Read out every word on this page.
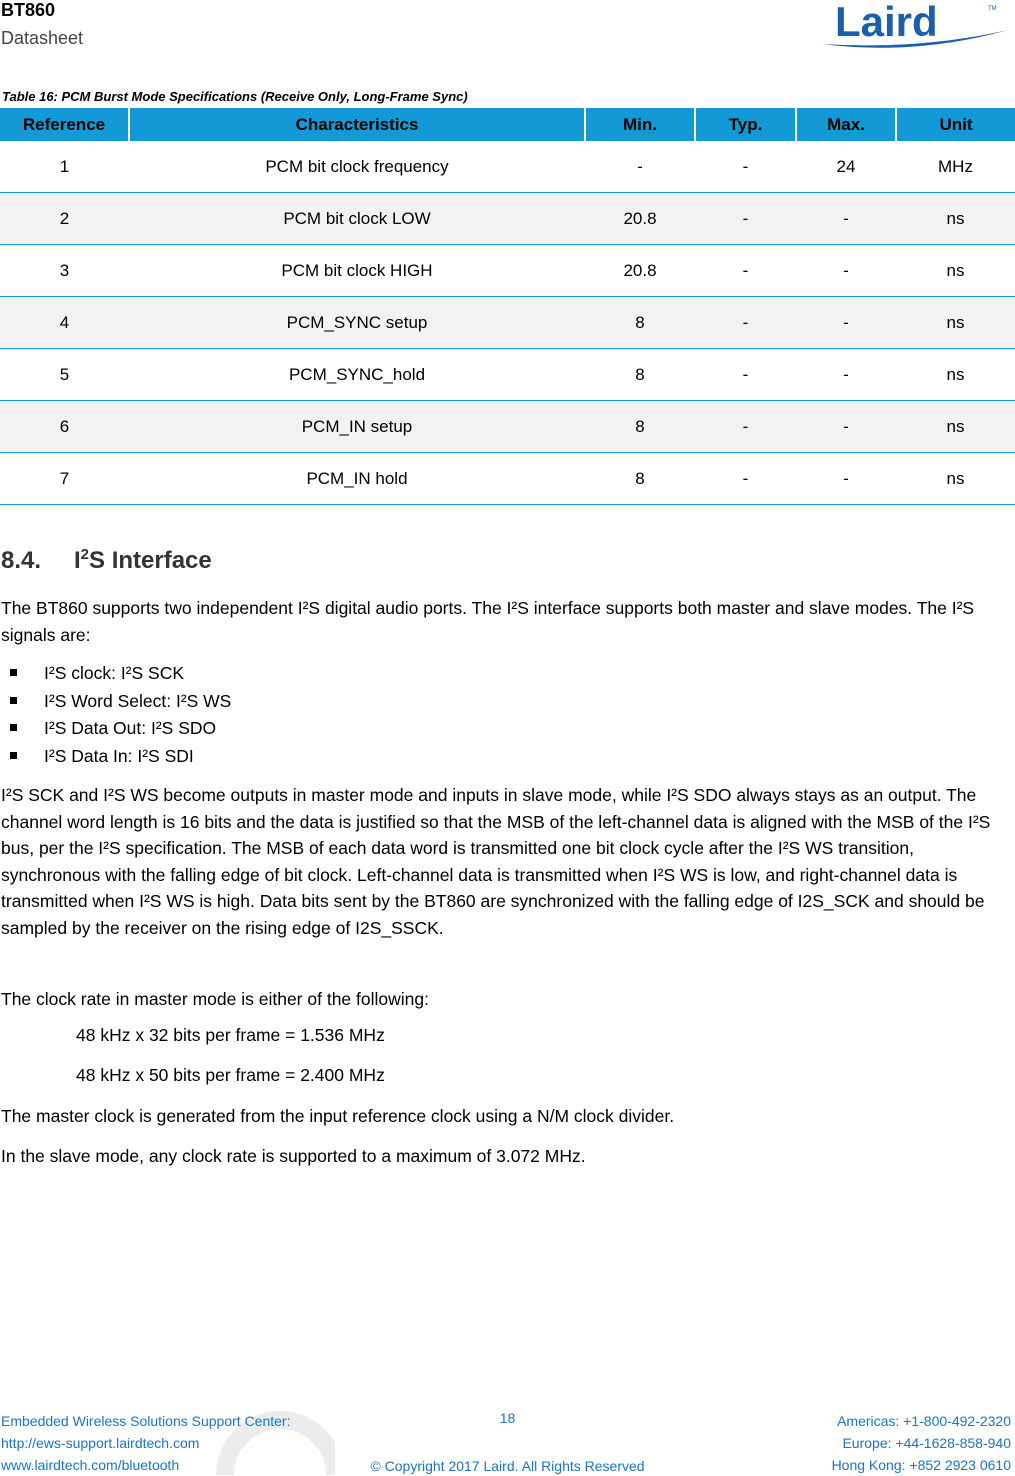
BT860
Datasheet	Laird	TM
Table 16: PCM Burst Mode Specifications (Receive Only, Long-Frame Sync)
Reference	Characteristics	Min.	Typ.	Max.	Unit
1	PCM bit clock frequency	-	-	24	MHz
2	PCM bit clock LOW	20.8	-	-	ns
3	PCM bit clock HIGH	20.8	-	-	ns
4	PCM_SYNC setup	8	-	-	ns
5	PCM_SYNC_hold	8	-	-	ns
6	PCM_IN setup	8	-	-	ns
7	PCM_IN hold	8	-	-	ns
8.4. $I^2S$ Interface
The BT860 supports two independent I²S digital audio ports. The I²S interface supports both master and slave modes. The I²S signals are:
I²S clock: I²S SCK
I²S Word Select: I²S WS
I²S Data Out: I²S SDO
I²S Data In: I²S SDI
I²S SCK and I²S WS become outputs in master mode and inputs in slave mode, while I²S SDO always stays as an output. The channel word length is 16 bits and the data is justified so that the MSB of the left-channel data is aligned with the MSB of the I²S bus, per the I²S specification. The MSB of each data word is transmitted one bit clock cycle after the I²S WS transition, synchronous with the falling edge of bit clock. Left-channel data is transmitted when I²S WS is low, and right-channel data is transmitted when I²S WS is high. Data bits sent by the BT860 are synchronized with the falling edge of I2S_SCK and should be sampled by the receiver on the rising edge of I2S_SSCK.
The clock rate in master mode is either of the following:
48 kHz x 32 bits per frame = 1.536 MHz
48 kHz x 50 bits per frame = 2.400 MHz
The master clock is generated from the input reference clock using a N/M clock divider.
In the slave mode, any clock rate is supported to a maximum of 3.072 MHz.
Embedded Wireless Solutions Support Center:
http://ews-support.lairdtech.com
www.lairdtech.com/bluetooth
18
© Copyright 2017 Laird. All Rights Reserved
Americas: +1-800-492-2320
Europe: +44-1628-858-940
Hong Kong: +852 2923 0610
